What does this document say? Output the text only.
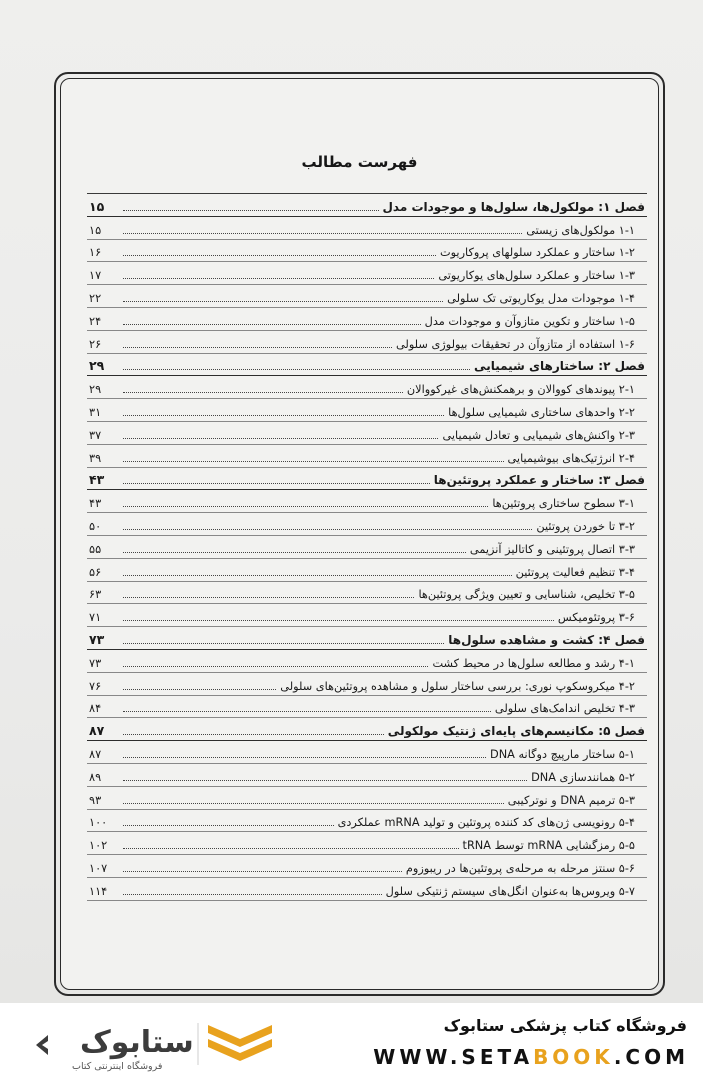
فهرست مطالب
فصل ۱: مولکول‌ها، سلول‌ها و موجودات مدل
۱۵
۱-۱ مولکول‌های زیستی
۱۵
۱-۲ ساختار و عملکرد سلولهای پروکاریوت
۱۶
۱-۳ ساختار و عملکرد سلول‌های یوکاریوتی
۱۷
۱-۴ موجودات مدل یوکاریوتی تک سلولی
۲۲
۱-۵ ساختار و تکوین متازوآن و موجودات مدل
۲۴
۱-۶ استفاده از متازوآن در تحقیقات بیولوژی سلولی
۲۶
فصل ۲: ساختارهای شیمیایی
۲۹
۲-۱ پیوندهای کووالان و برهمکنش‌های غیرکووالان
۲۹
۲-۲ واحدهای ساختاری شیمیایی سلول‌ها
۳۱
۲-۳ واکنش‌های شیمیایی و تعادل شیمیایی
۳۷
۲-۴ انرژتیک‌های بیوشیمیایی
۳۹
فصل ۳: ساختار و عملکرد پروتئین‌ها
۴۳
۳-۱ سطوح ساختاری پروتئین‌ها
۴۳
۳-۲ تا خوردن پروتئین
۵۰
۳-۳ اتصال پروتئینی و کاتالیز آنزیمی
۵۵
۳-۴ تنظیم فعالیت پروتئین
۵۶
۳-۵ تخلیص، شناسایی و تعیین ویژگی پروتئین‌ها
۶۳
۳-۶ پروتئومیکس
۷۱
فصل ۴: کشت و مشاهده سلول‌ها
۷۳
۴-۱ رشد و مطالعه سلول‌ها در محیط کشت
۷۳
۴-۲ میکروسکوپ نوری: بررسی ساختار سلول و مشاهده پروتئین‌های سلولی
۷۶
۴-۳ تخلیص اندامک‌های سلولی
۸۴
فصل ۵: مکانیسم‌های پایه‌ای ژنتیک مولکولی
۸۷
۵-۱ ساختار مارپیچ دوگانه DNA
۸۷
۵-۲ همانندسازی DNA
۸۹
۵-۳ ترمیم DNA و نوترکیبی
۹۳
۵-۴ رونویسی ژن‌های کد کننده پروتئین و تولید mRNA عملکردی
۱۰۰
۵-۵ رمزگشایی mRNA توسط tRNA
۱۰۲
۵-۶ سنتز مرحله به مرحله‌ی پروتئین‌ها در ریبوزوم
۱۰۷
۵-۷ ویروس‌ها به‌عنوان انگل‌های سیستم ژنتیکی سلول
۱۱۴
ستابوک
فروشگاه اینترنتی کتاب
فروشگاه کتاب پزشکی ستابوک
WWW.SETABOOK.COM
